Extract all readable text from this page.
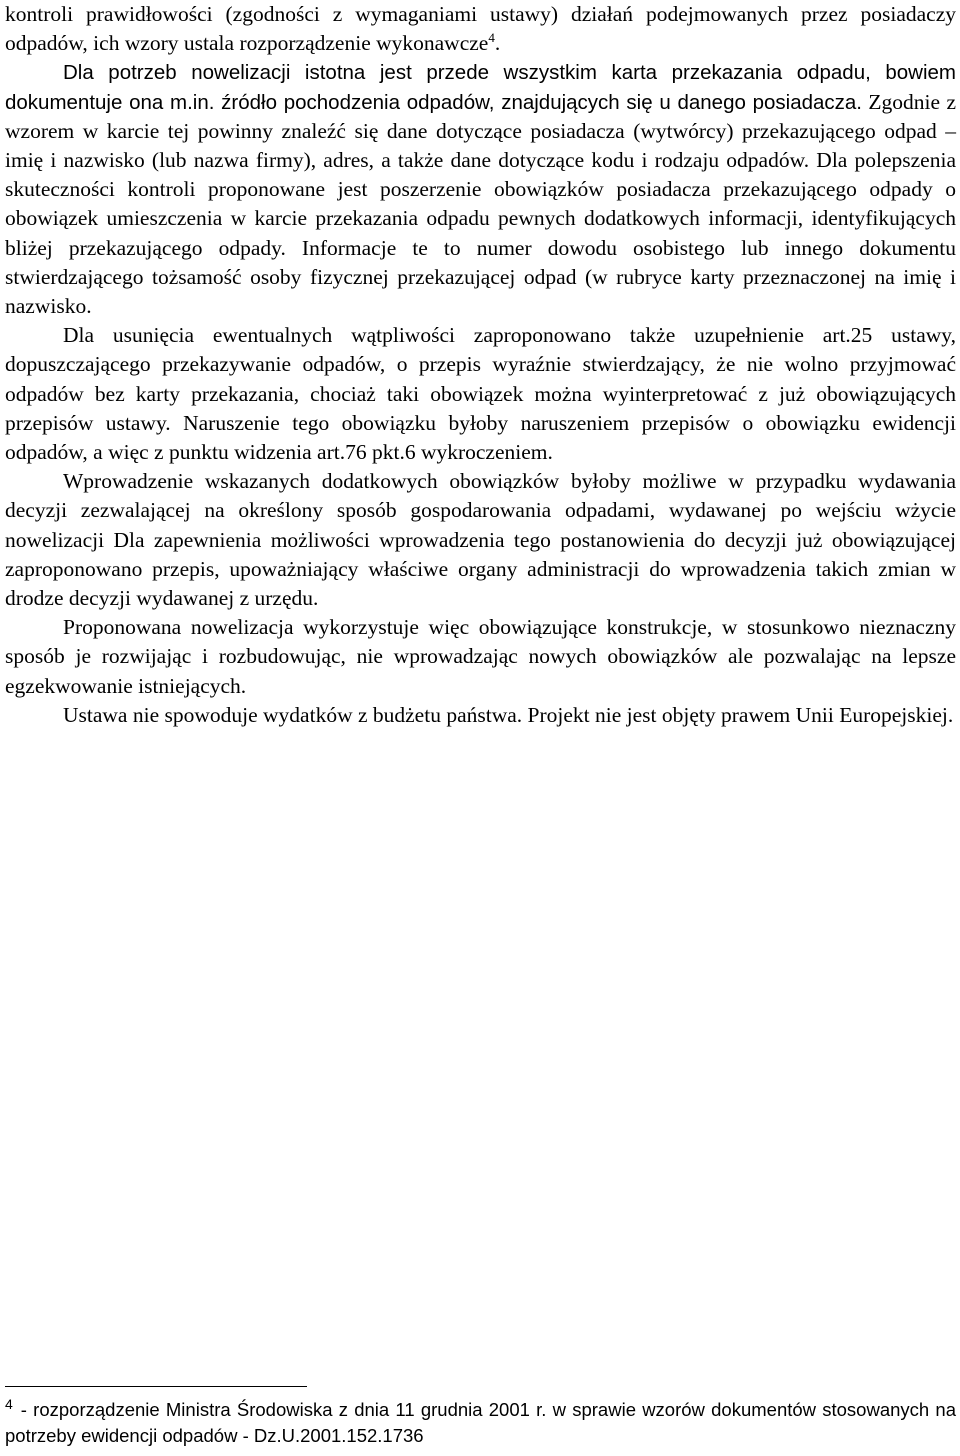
kontroli prawidłowości (zgodności z wymaganiami ustawy) działań podejmowanych przez posiadaczy odpadów, ich wzory ustala rozporządzenie wykonawcze$^4$.

Dla potrzeb nowelizacji istotna jest przede wszystkim karta przekazania odpadu, bowiem dokumentuje ona m.in. źródło pochodzenia odpadów, znajdujących się u danego posiadacza. Zgodnie z wzorem w karcie tej powinny znaleźć się dane dotyczące posiadacza (wytwórcy) przekazującego odpad – imię i nazwisko (lub nazwa firmy), adres, a także dane dotyczące kodu i rodzaju odpadów. Dla polepszenia skuteczności kontroli proponowane jest poszerzenie obowiązków posiadacza przekazującego odpady o obowiązek umieszczenia w karcie przekazania odpadu pewnych dodatkowych informacji, identyfikujących bliżej przekazującego odpady. Informacje te to numer dowodu osobistego lub innego dokumentu stwierdzającego tożsamość osoby fizycznej przekazującej odpad (w rubryce karty przeznaczonej na imię i nazwisko.

Dla usunięcia ewentualnych wątpliwości zaproponowano także uzupełnienie art.25 ustawy, dopuszczającego przekazywanie odpadów, o przepis wyraźnie stwierdzający, że nie wolno przyjmować odpadów bez karty przekazania, chociaż taki obowiązek można wyinterpretować z już obowiązujących przepisów ustawy. Naruszenie tego obowiązku byłoby naruszeniem przepisów o obowiązku ewidencji odpadów, a więc z punktu widzenia art.76 pkt.6 wykroczeniem.

Wprowadzenie wskazanych dodatkowych obowiązków byłoby możliwe w przypadku wydawania decyzji zezwalającej na określony sposób gospodarowania odpadami, wydawanej po wejściu wżycie nowelizacji Dla zapewnienia możliwości wprowadzenia tego postanowienia do decyzji już obowiązującej zaproponowano przepis, upoważniający właściwe organy administracji do wprowadzenia takich zmian w drodze decyzji wydawanej z urzędu.

Proponowana nowelizacja wykorzystuje więc obowiązujące konstrukcje, w stosunkowo nieznaczny sposób je rozwijając i rozbudowując, nie wprowadzając nowych obowiązków ale pozwalając na lepsze egzekwowanie istniejących.

Ustawa nie spowoduje wydatków z budżetu państwa. Projekt nie jest objęty prawem Unii Europejskiej.

$^4$ - rozporządzenie Ministra Środowiska z dnia 11 grudnia 2001 r. w sprawie wzorów dokumentów stosowanych na potrzeby ewidencji odpadów - Dz.U.2001.152.1736
